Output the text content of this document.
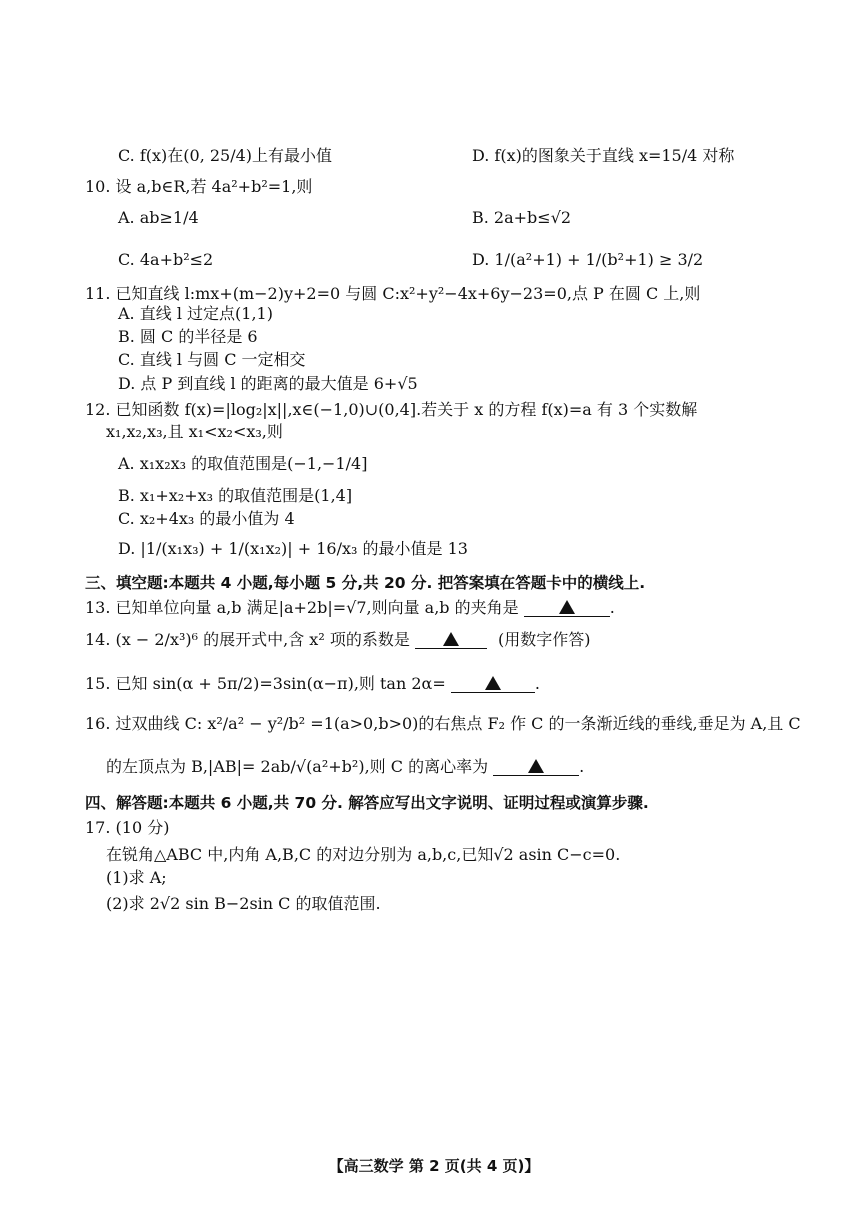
C. f(x)在(0, 25/4)上有最小值	D. f(x)的图象关于直线 x=15/4 对称
10. 设 a,b∈R,若 4a²+b²=1,则
A. ab≥1/4	B. 2a+b≤√2
C. 4a+b²≤2	D. 1/(a²+1) + 1/(b²+1) ≥ 3/2
11. 已知直线 l:mx+(m−2)y+2=0 与圆 C:x²+y²−4x+6y−23=0,点 P 在圆 C 上,则
A. 直线 l 过定点(1,1)
B. 圆 C 的半径是 6
C. 直线 l 与圆 C 一定相交
D. 点 P 到直线 l 的距离的最大值是 6+√5
12. 已知函数 f(x)=|log₂|x||,x∈(−1,0)∪(0,4].若关于 x 的方程 f(x)=a 有 3 个实数解
x₁,x₂,x₃,且 x₁<x₂<x₃,则
A. x₁x₂x₃ 的取值范围是(−1,−1/4]
B. x₁+x₂+x₃ 的取值范围是(1,4]
C. x₂+4x₃ 的最小值为 4
D. |1/(x₁x₃) + 1/(x₁x₂)| + 16/x₃ 的最小值是 13
三、填空题:本题共 4 小题,每小题 5 分,共 20 分. 把答案填在答题卡中的横线上.
13. 已知单位向量 a,b 满足|a+2b|=√7,则向量 a,b 的夹角是	.
14. (x − 2/x³)⁶ 的展开式中,含 x² 项的系数是	(用数字作答)
15. 已知 sin(α + 5π/2)=3sin(α−π),则 tan 2α=	.
16. 过双曲线 C: x²/a² − y²/b² =1(a>0,b>0)的右焦点 F₂ 作 C 的一条渐近线的垂线,垂足为 A,且 C
的左顶点为 B,|AB|= 2ab/√(a²+b²),则 C 的离心率为	.
四、解答题:本题共 6 小题,共 70 分. 解答应写出文字说明、证明过程或演算步骤.
17. (10 分)
在锐角△ABC 中,内角 A,B,C 的对边分别为 a,b,c,已知√2 asin C−c=0.
(1)求 A;
(2)求 2√2 sin B−2sin C 的取值范围.
【高三数学 第 2 页(共 4 页)】
